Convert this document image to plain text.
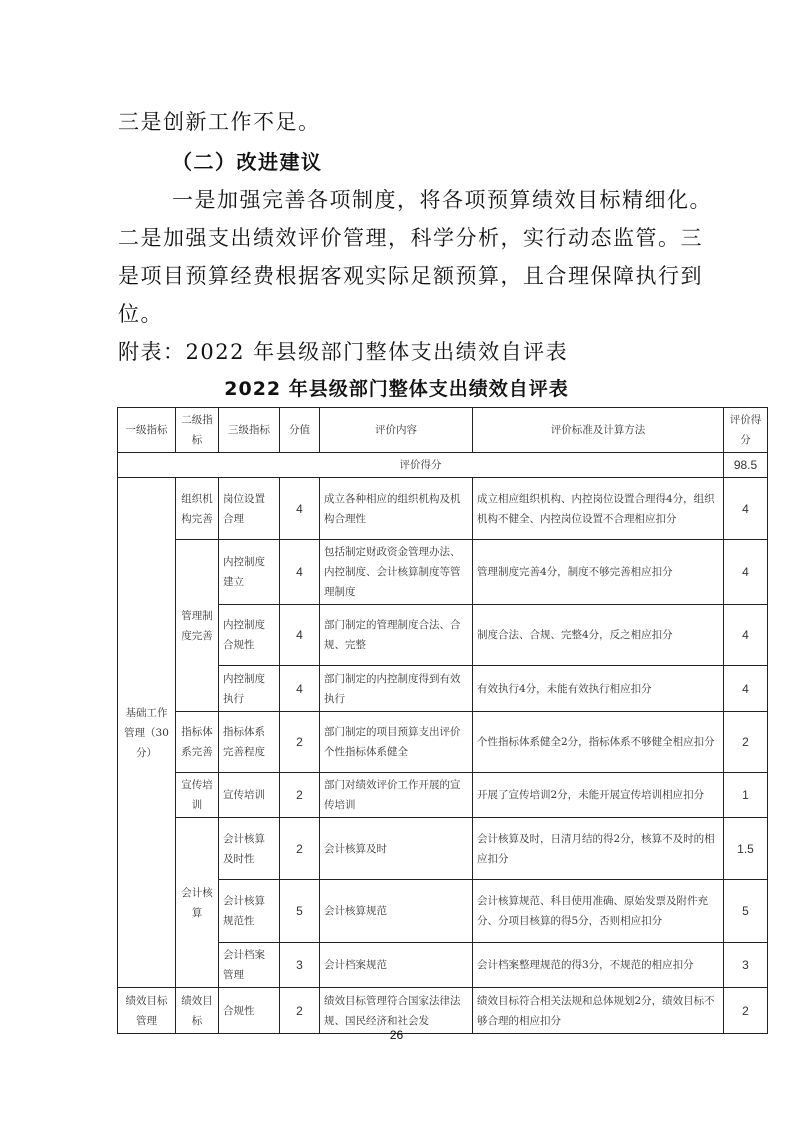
三是创新工作不足。
（二）改进建议
一是加强完善各项制度，将各项预算绩效目标精细化。
二是加强支出绩效评价管理，科学分析，实行动态监管。三
是项目预算经费根据客观实际足额预算，且合理保障执行到
位。
附表：2022 年县级部门整体支出绩效自评表
2022 年县级部门整体支出绩效自评表
一级指标	二级指标	三级指标	分值	评价内容	评价标准及计算方法	评价得分
评价得分						98.5
基础工作管理（30分）	组织机构完善	岗位设置合理	4	成立各种相应的组织机构及机构合理性	成立相应组织机构、内控岗位设置合理得4分，组织机构不健全、内控岗位设置不合理相应扣分	4
	管理制度完善	内控制度建立	4	包括制定财政资金管理办法、内控制度、会计核算制度等管理制度	管理制度完善4分，制度不够完善相应扣分	4
		内控制度合规性	4	部门制定的管理制度合法、合规、完整	制度合法、合规、完整4分，反之相应扣分	4
		内控制度执行	4	部门制定的内控制度得到有效执行	有效执行4分，未能有效执行相应扣分	4
	指标体系完善	指标体系完善程度	2	部门制定的项目预算支出评价个性指标体系健全	个性指标体系健全2分，指标体系不够健全相应扣分	2
	宣传培训	宣传培训	2	部门对绩效评价工作开展的宣传培训	开展了宣传培训2分，未能开展宣传培训相应扣分	1
	会计核算	会计核算及时性	2	会计核算及时	会计核算及时，日清月结的得2分，核算不及时的相应扣分	1.5
		会计核算规范性	5	会计核算规范	会计核算规范、科目使用准确、原始发票及附件充分、分项目核算的得5分，否则相应扣分	5
		会计档案管理	3	会计档案规范	会计档案整理规范的得3分，不规范的相应扣分	3
绩效目标管理	绩效目标	合规性	2	绩效目标管理符合国家法律法规、国民经济和社会发	绩效目标符合相关法规和总体规划2分，绩效目标不够合理的相应扣分	2
26
